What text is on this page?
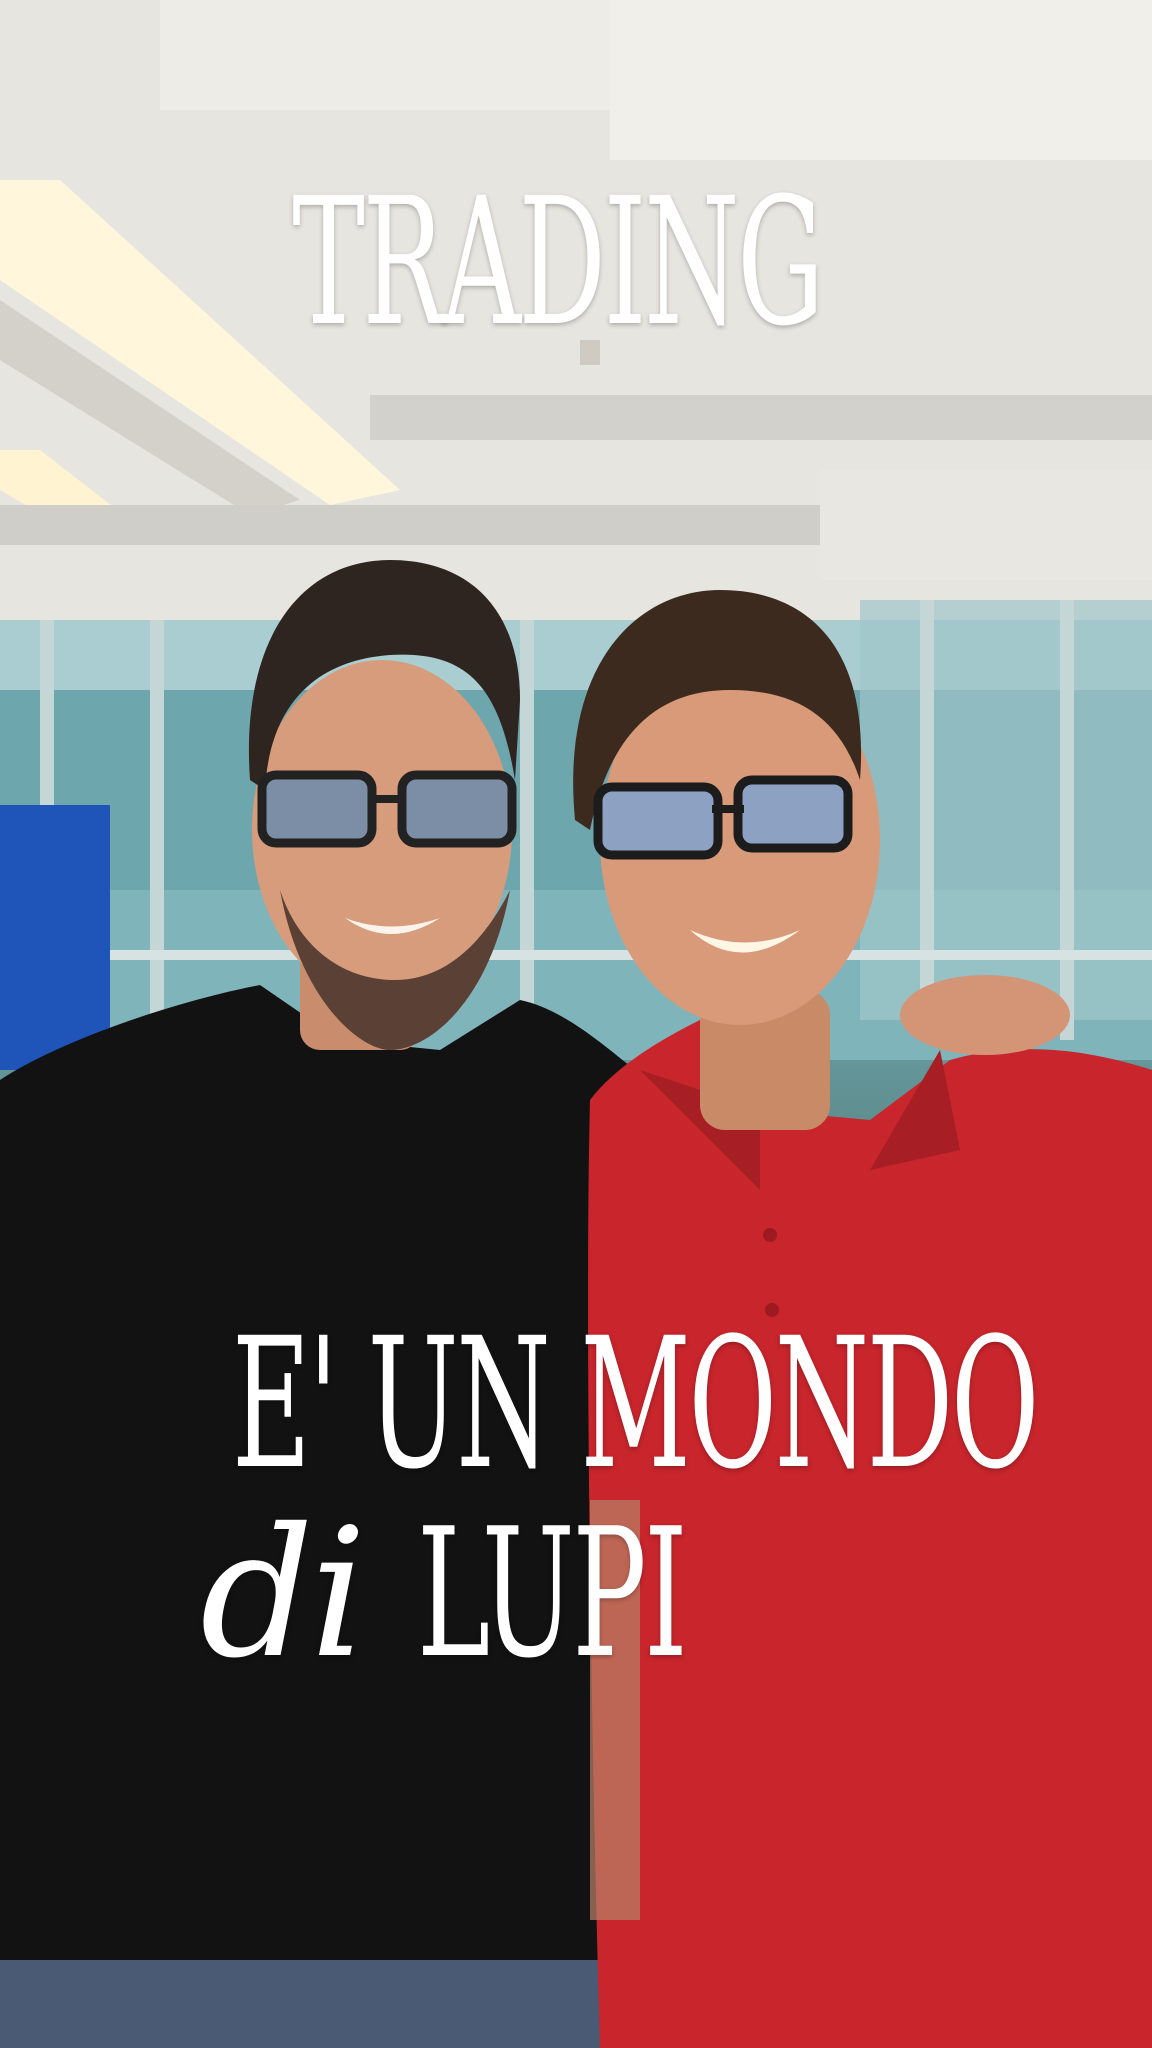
TRADING
E' UN MONDO
di LUPI
